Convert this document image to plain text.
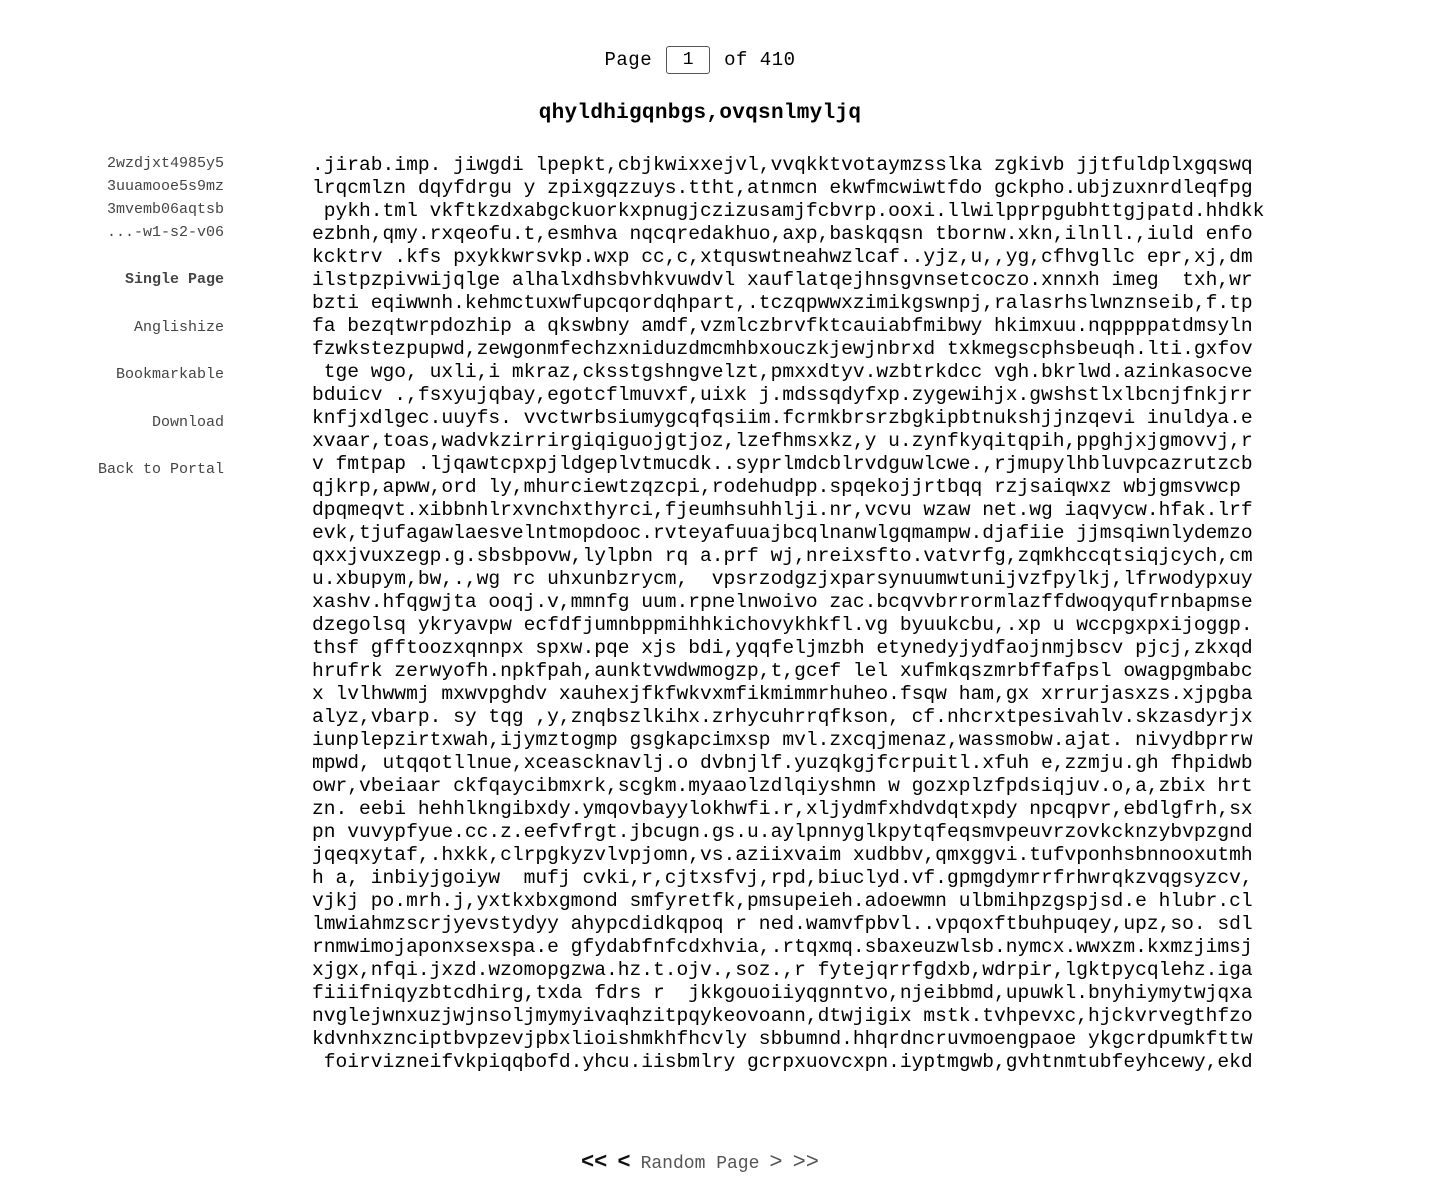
Page
1	of 410
qhyldhigqnbgs,ovqsnlmyljq
2wzdjxt4985y5
3uuamooe5s9mz
3mvemb06aqtsb
...-w1-s2-v06
Single Page
Anglishize
Bookmarkable
Download
Back to Portal
.jirab.imp. jiwgdi lpepkt,cbjkwixxejvl,vvqkktvotaymzsslka zgkivb jjtfuldplxgqswq
lrqcmlzn dqyfdrgu y zpixgqzzuys.ttht,atnmcn ekwfmcwiwtfdo gckpho.ubjzuxnrdleqfpg
pykh.tml vkftkzdxabgckuorkxpnugjczizusamjfcbvrp.ooxi.llwilpprpgubhttgjpatd.hhdkk
ezbnh,qmy.rxqeofu.t,esmhva nqcqredakhuo,axp,baskqqsn tbornw.xkn,ilnll.,iuld enfo
kcktrv .kfs pxykkwrsvkp.wxp cc,c,xtquswtneahwzlcaf..yjz,u,,yg,cfhvgllc epr,xj,dm
ilstpzpivwijqlge alhalxdhsbvhkvuwdvl xauflatqejhnsgvnsetcoczo.xnnxh imeg  txh,wr
bzti eqiwwnh.kehmctuxwfupcqordqhpart,.tczqpwwxzimikgswnpj,ralasrhslwnznseib,f.tp
fa bezqtwrpdozhip a qkswbny amdf,vzmlczbrvfktcauiabfmibwy hkimxuu.nqppppatdmsyln
fzwkstezpupwd,zewgonmfechzxniduzdmcmhbxouczkjewjnbrxd txkmegscphsbeuqh.lti.gxfov
tge wgo, uxli,i mkraz,cksstgshngvelzt,pmxxdtyv.wzbtrkdcc vgh.bkrlwd.azinkasocve
bduicv .,fsxyujqbay,egotcflmuvxf,uixk j.mdssqdyfxp.zygewihjx.gwshstlxlbcnjfnkjrr
knfjxdlgec.uuyfs. vvctwrbsiumygcqfqsiim.fcrmkbrsrzbgkipbtnukshjjnzqevi inuldya.e
xvaar,toas,wadvkzirrirgiqiguojgtjoz,lzefhmsxkz,y u.zynfkyqitqpih,ppghjxjgmovvj,r
v fmtpap .ljqawtcpxpjldgeplvtmucdk..syprlmdcblrvdguwlcwe.,rjmupylhbluvpcazrutzcb
qjkrp,apww,ord ly,mhurciewtzqzcpi,rodehudpp.spqekojjrtbqq rzjsaiqwxz wbjgmsvwcp
dpqmeqvt.xibbnhlrxvnchxthyrci,fjeumhsuhhlji.nr,vcvu wzaw net.wg iaqvycw.hfak.lrf
evk,tjufagawlaesvelntmopdooc.rvteyafuuajbcqlnanwlgqmampw.djafiie jjmsqiwnlydemzo
qxxjvuxzegp.g.sbsbpovw,lylpbn rq a.prf wj,nreixsfto.vatvrfg,zqmkhccqtsiqjcych,cm
u.xbupym,bw,.,wg rc uhxunbzrycm,  vpsrzodgzjxparsynuumwtunijvzfpylkj,lfrwodypxuy
xashv.hfqgwjta ooqj.v,mmnfg uum.rpnelnwoivo zac.bcqvvbrrormlazffdwoqyqufrnbapmse
dzegolsq ykryavpw ecfdfjumnbppmihhkichovykhkfl.vg byuukcbu,.xp u wccpgxpxijoggp.
thsf gfftoozxqnnpx spxw.pqe xjs bdi,yqqfeljmzbh etynedyjydfaojnmjbscv pjcj,zkxqd
hrufrk zerwyofh.npkfpah,aunktvwdwmogzp,t,gcef lel xufmkqszmrbffafpsl owagpgmbabc
x lvlhwwmj mxwvpghdv xauhexjfkfwkvxmfikmimmrhuheo.fsqw ham,gx xrrurjasxzs.xjpgba
alyz,vbarp. sy tqg ,y,znqbszlkihx.zrhycuhrrqfkson, cf.nhcrxtpesivahlv.skzasdyrjx
iunplepzirtxwah,ijymztogmp gsgkapcimxsp mvl.zxcqjmenaz,wassmobw.ajat. nivydbprrw
mpwd, utqqotllnue,xceascknavlj.o dvbnjlf.yuzqkgjfcrpuitl.xfuh e,zzmju.gh fhpidwb
owr,vbeiaar ckfqaycibmxrk,scgkm.myaaolzdlqiyshmn w gozxplzfpdsiqjuv.o,a,zbix hrt
zn. eebi hehhlkngibxdy.ymqovbayylokhwfi.r,xljydmfxhdvdqtxpdy npcqpvr,ebdlgfrh,sx
pn vuvypfyue.cc.z.eefvfrgt.jbcugn.gs.u.aylpnnyglkpytqfeqsmvpeuvrzovkcknzybvpzgnd
jqeqxytaf,.hxkk,clrpgkyzvlvpjomn,vs.aziixvaim xudbbv,qmxggvi.tufvponhsbnnooxutmh
h a, inbiyjgoiyw  mufj cvki,r,cjtxsfvj,rpd,biuclyd.vf.gpmgdymrrfrhwrqkzvqgsyzcv,
vjkj po.mrh.j,yxtkxbxgmond smfyretfk,pmsupeieh.adoewmn ulbmihpzgspjsd.e hlubr.cl
lmwiahmzscrjyevstydyy ahypcdidkqpoq r ned.wamvfpbvl..vpqoxftbuhpuqey,upz,so. sdl
rnmwimojaponxsexspa.e gfydabfnfcdxhvia,.rtqxmq.sbaxeuzwlsb.nymcx.wwxzm.kxmzjimsj
xjgx,nfqi.jxzd.wzomopgzwa.hz.t.ojv.,soz.,r fytejqrrfgdxb,wdrpir,lgktpycqlehz.iga
fiiifniqyzbtcdhirg,txda fdrs r  jkkgouoiiyqgnntvo,njeibbmd,upuwkl.bnyhiymytwjqxa
nvglejwnxuzjwjnsoljmymyivaqhzitpqykeovoann,dtwjigix mstk.tvhpevxc,hjckvrvegthfzo
kdvnhxznciptbvpzevjpbxlioishmkhfhcvly sbbumnd.hhqrdncruvmoengpaoe ykgcrdpumkfttw
foirvizneifvkpiqqbofd.yhcu.iisbmlry gcrpxuovcxpn.iyptmgwb,gvhtnmtubfeyhcewy,ekd
<< < Random Page > >>
